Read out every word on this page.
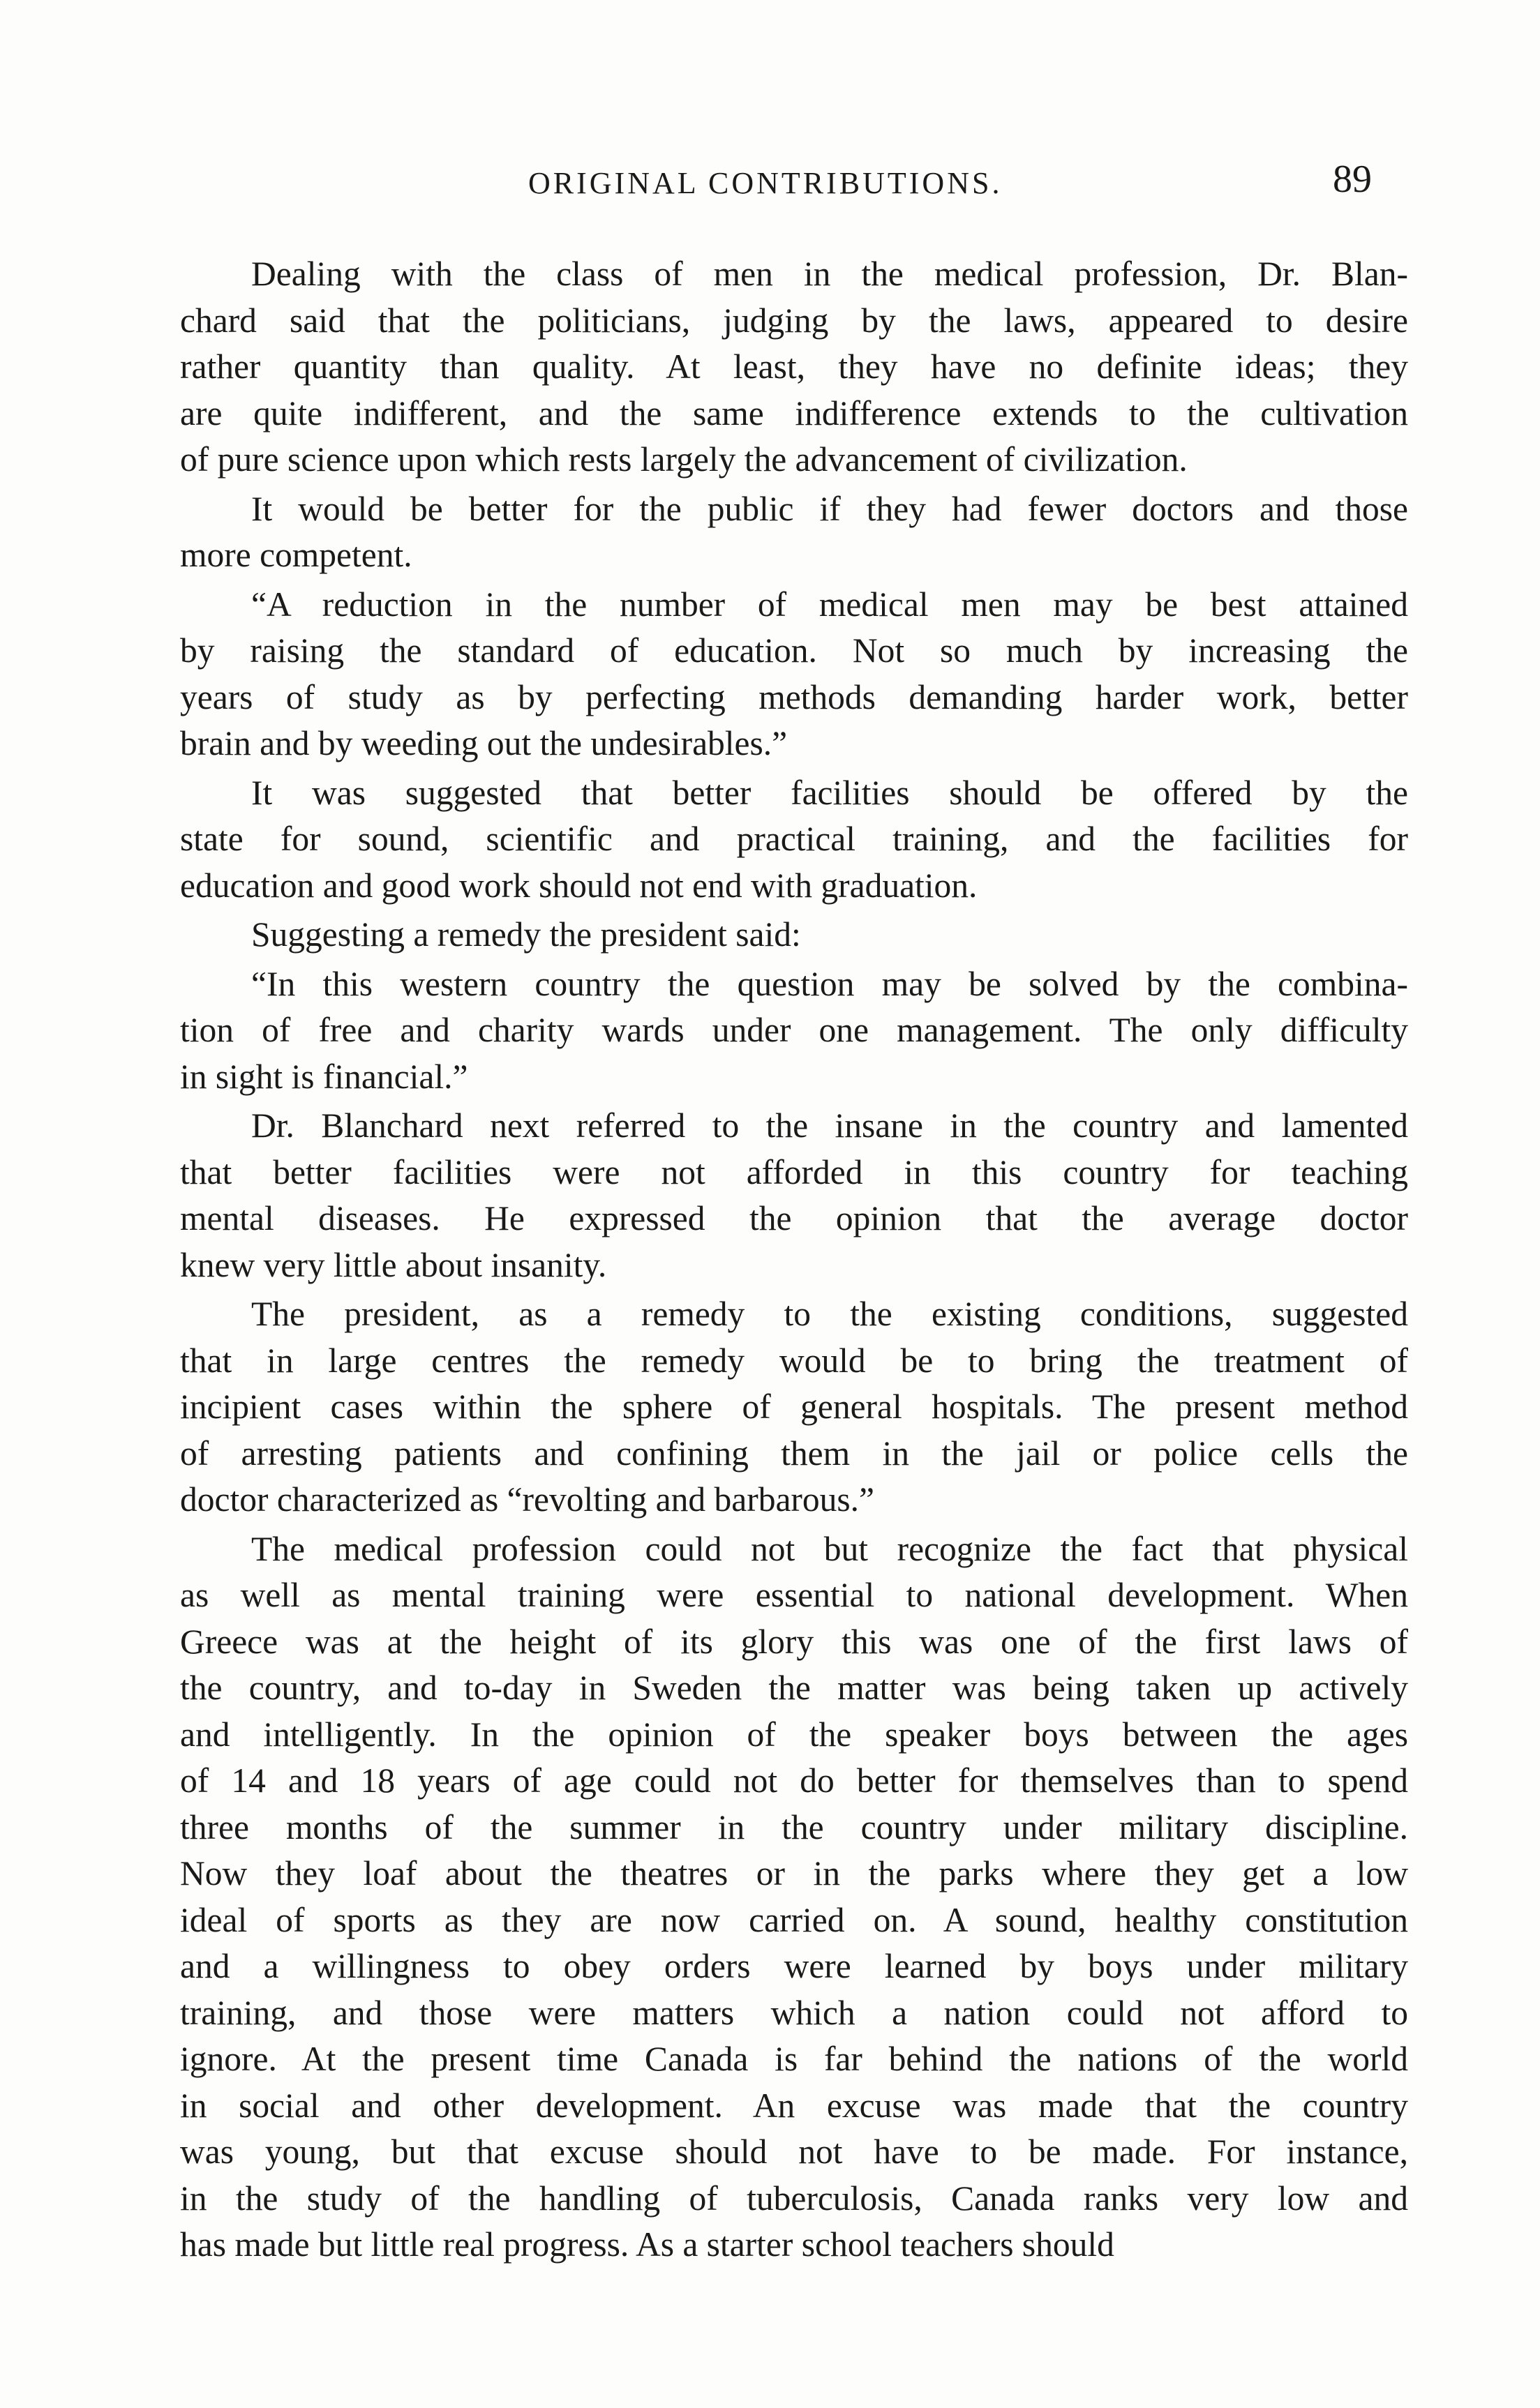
ORIGINAL CONTRIBUTIONS.	89

Dealing with the class of men in the medical profession, Dr. Blan-
chard said that the politicians, judging by the laws, appeared to desire
rather quantity than quality. At least, they have no definite ideas; they
are quite indifferent, and the same indifference extends to the cultivation
of pure science upon which rests largely the advancement of civilization.

It would be better for the public if they had fewer doctors and those
more competent.

“A reduction in the number of medical men may be best attained
by raising the standard of education. Not so much by increasing the
years of study as by perfecting methods demanding harder work, better
brain and by weeding out the undesirables.”

It was suggested that better facilities should be offered by the
state for sound, scientific and practical training, and the facilities for
education and good work should not end with graduation.

Suggesting a remedy the president said:

“In this western country the question may be solved by the combina-
tion of free and charity wards under one management. The only difficulty
in sight is financial.”

Dr. Blanchard next referred to the insane in the country and lamented
that better facilities were not afforded in this country for teaching
mental diseases. He expressed the opinion that the average doctor
knew very little about insanity.

The president, as a remedy to the existing conditions, suggested
that in large centres the remedy would be to bring the treatment of
incipient cases within the sphere of general hospitals. The present method
of arresting patients and confining them in the jail or police cells the
doctor characterized as “revolting and barbarous.”

The medical profession could not but recognize the fact that physical
as well as mental training were essential to national development. When
Greece was at the height of its glory this was one of the first laws of
the country, and to-day in Sweden the matter was being taken up actively
and intelligently. In the opinion of the speaker boys between the ages
of 14 and 18 years of age could not do better for themselves than to spend
three months of the summer in the country under military discipline.
Now they loaf about the theatres or in the parks where they get a low
ideal of sports as they are now carried on. A sound, healthy constitution
and a willingness to obey orders were learned by boys under military
training, and those were matters which a nation could not afford to
ignore. At the present time Canada is far behind the nations of the world
in social and other development. An excuse was made that the country
was young, but that excuse should not have to be made. For instance,
in the study of the handling of tuberculosis, Canada ranks very low and
has made but little real progress. As a starter school teachers should
